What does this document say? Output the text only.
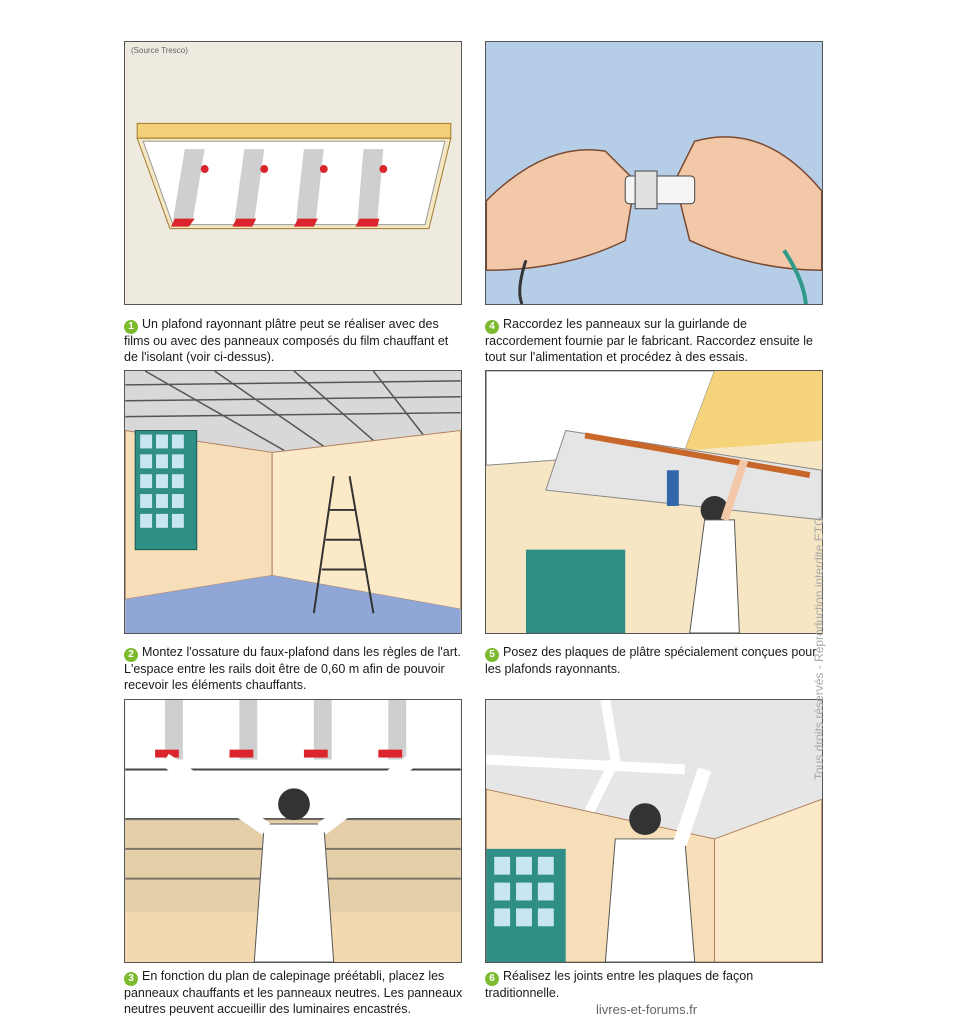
(Source Tresco)
1 Un plafond rayonnant plâtre peut se réaliser avec des films ou avec des panneaux composés du film chauffant et de l'isolant (voir ci-dessus).
4 Raccordez les panneaux sur la guirlande de raccordement fournie par le fabricant. Raccordez ensuite le tout sur l'alimentation et procédez à des essais.
2 Montez l'ossature du faux-plafond dans les règles de l'art. L'espace entre les rails doit être de 0,60 m afin de pouvoir recevoir les éléments chauffants.
5 Posez des plaques de plâtre spécialement conçues pour les plafonds rayonnants.
3 En fonction du plan de calepinage préétabli, placez les panneaux chauffants et les panneaux neutres. Les panneaux neutres peuvent accueillir des luminaires encastrés.
6 Réalisez les joints entre les plaques de façon traditionnelle.
Tous droits réservés - Reproduction interdite ETG
livres-et-forums.fr
